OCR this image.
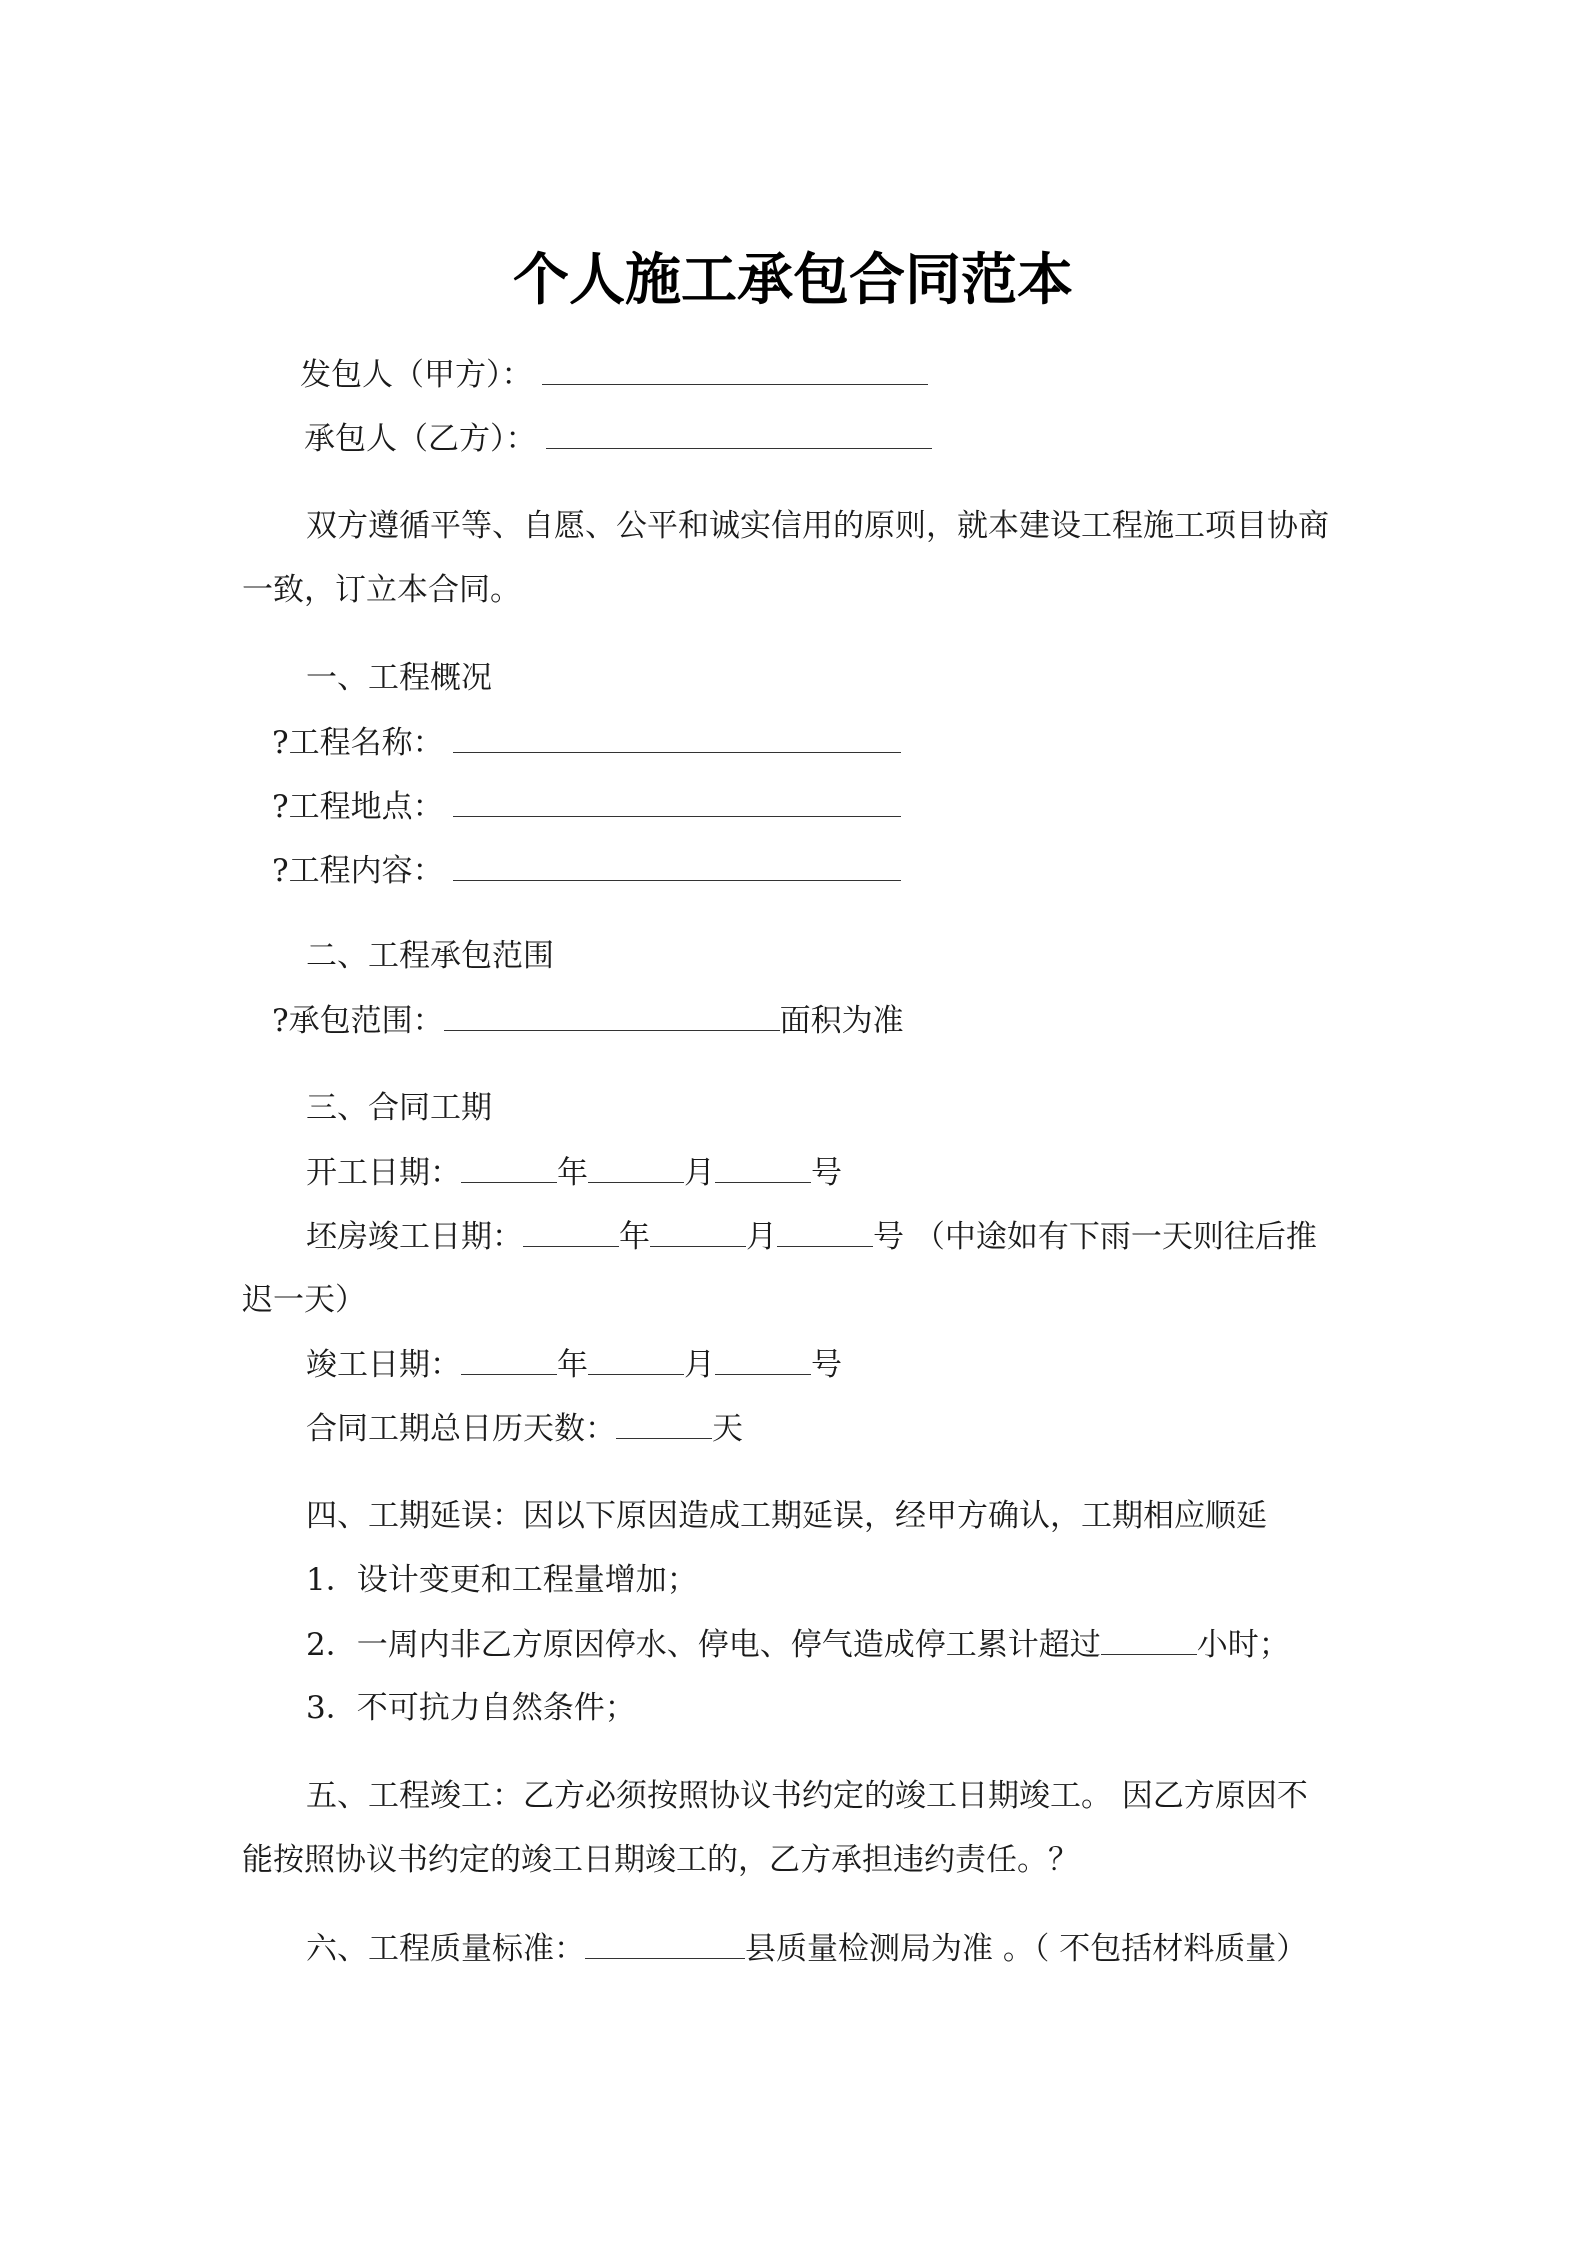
个人施工承包合同范本
发包人（甲方）：
承包人（乙方）：
双方遵循平等、自愿、公平和诚实信用的原则，就本建设工程施工项目协商
一致，订立本合同。
一、工程概况
?工程名称：
?工程地点：
?工程内容：
二、工程承包范围
?承包范围：	面积为准
三、合同工期
开工日期：	年	月	号
坯房竣工日期：	年	月	号 （中途如有下雨一天则往后推
迟一天）
竣工日期：	年	月	号
合同工期总日历天数：	天
四、工期延误：因以下原因造成工期延误，经甲方确认，工期相应顺延
1．设计变更和工程量增加；
2．一周内非乙方原因停水、停电、停气造成停工累计超过	小时；
3．不可抗力自然条件；
五、工程竣工：乙方必须按照协议书约定的竣工日期竣工。 因乙方原因不
能按照协议书约定的竣工日期竣工的，乙方承担违约责任。？
六、工程质量标准：	县质量检测局为准 。（ 不包括材料质量）
